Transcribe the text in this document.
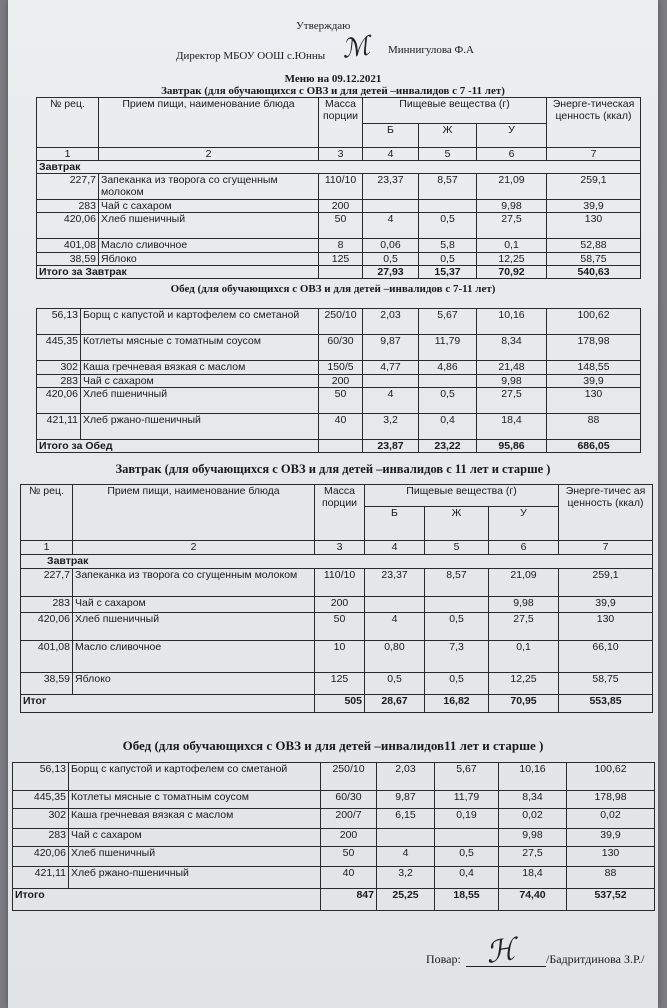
Утверждаю
Директор МБОУ ООШ с.Юнны ℳ Миннигулова Ф.А
Меню на 09.12.2021
Завтрак (для обучающихся с ОВЗ и для детей –инвалидов с 7 -11 лет)
№ рец.	Прием пищи, наименование блюда	Масса порции	Пищевые вещества (г)			Энерге-тическая ценность (ккал)
			Б	Ж	У	
1	2	3	4	5	6	7
Завтрак						
227,7	Запеканка из творога со сгущенным молоком	110/10	23,37	8,57	21,09	259,1
283	Чай с сахаром	200			9,98	39,9
420,06	Хлеб пшеничный	50	4	0,5	27,5	130
401,08	Масло сливочное	8	0,06	5,8	0,1	52,88
38,59	Яблоко	125	0,5	0,5	12,25	58,75
Итого за Завтрак			27,93	15,37	70,92	540,63
Обед (для обучающихся с ОВЗ и для детей –инвалидов с 7-11 лет)
56,13	Борщ с капустой и картофелем со сметаной	250/10	2,03	5,67	10,16	100,62
445,35	Котлеты мясные с томатным соусом	60/30	9,87	11,79	8,34	178,98
302	Каша гречневая вязкая с маслом	150/5	4,77	4,86	21,48	148,55
283	Чай с сахаром	200			9,98	39,9
420,06	Хлеб пшеничный	50	4	0,5	27,5	130
421,11	Хлеб ржано-пшеничный	40	3,2	0,4	18,4	88
Итого за Обед			23,87	23,22	95,86	686,05
Завтрак (для обучающихся с ОВЗ и для детей –инвалидов с 11 лет и старше )
№ рец.	Прием пищи, наименование блюда	Масса порции	Пищевые вещества (г)			Энерге-тичес ая ценность (ккал)
			Б	Ж	У	
1	2	3	4	5	6	7
Завтрак						
227,7	Запеканка из творога со сгущенным молоком	110/10	23,37	8,57	21,09	259,1
283	Чай с сахаром	200			9,98	39,9
420,06	Хлеб пшеничный	50	4	0,5	27,5	130
401,08	Масло сливочное	10	0,80	7,3	0,1	66,10
38,59	Яблоко	125	0,5	0,5	12,25	58,75
Итог		505	28,67	16,82	70,95	553,85
Обед (для обучающихся с ОВЗ и для детей –инвалидов11 лет и старше )
56,13	Борщ с капустой и картофелем со сметаной	250/10	2,03	5,67	10,16	100,62
445,35	Котлеты мясные с томатным соусом	60/30	9,87	11,79	8,34	178,98
302	Каша гречневая вязкая с маслом	200/7	6,15	0,19	0,02	0,02
283	Чай с сахаром	200			9,98	39,9
420,06	Хлеб пшеничный	50	4	0,5	27,5	130
421,11	Хлеб ржано-пшеничный	40	3,2	0,4	18,4	88
Итого		847	25,25	18,55	74,40	537,52
Повар: ℋ /Бадритдинова З.Р./
